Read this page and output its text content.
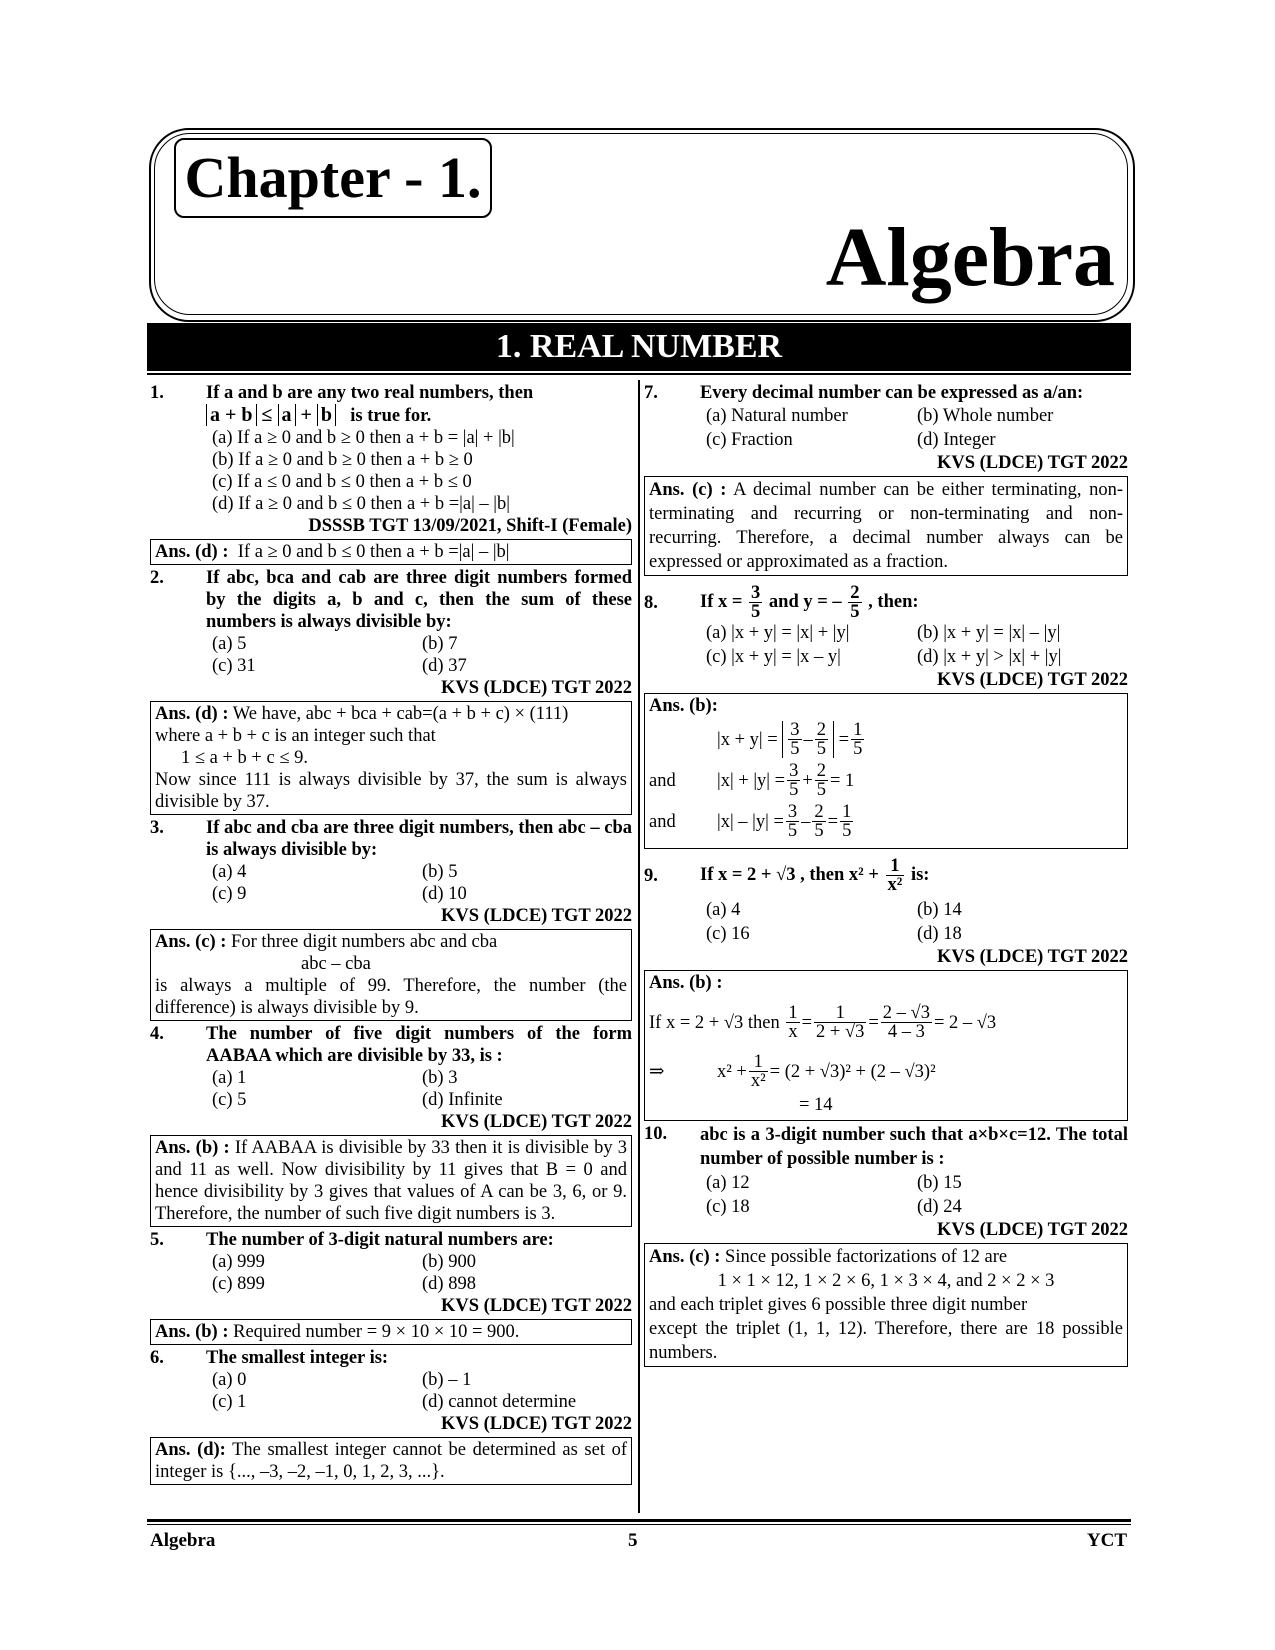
Chapter - 1.
Algebra
1. REAL NUMBER
1.	If a and b are any two real numbers, then
a + b ≤ a + b is true for.
(a) If a ≥ 0 and b ≥ 0 then a + b = |a| + |b|
(b) If a ≥ 0 and b ≥ 0 then a + b ≥ 0
(c) If a ≤ 0 and b ≤ 0 then a + b ≤ 0
(d) If a ≥ 0 and b ≤ 0 then a + b =|a| – |b|
DSSSB TGT 13/09/2021, Shift-I (Female)
Ans. (d) : If a ≥ 0 and b ≤ 0 then a + b =|a| – |b|
2.	If abc, bca and cab are three digit numbers formed by the digits a, b and c, then the sum of these numbers is always divisible by:
(a) 5	(b) 7
(c) 31	(d) 37
KVS (LDCE) TGT 2022
Ans. (d) : We have, abc + bca + cab=(a + b + c) × (111)
where a + b + c is an integer such that
1 ≤ a + b + c ≤ 9.
Now since 111 is always divisible by 37, the sum is always divisible by 37.
3.	If abc and cba are three digit numbers, then abc – cba is always divisible by:
(a) 4	(b) 5
(c) 9	(d) 10
KVS (LDCE) TGT 2022
Ans. (c) : For three digit numbers abc and cba
abc – cba
is always a multiple of 99. Therefore, the number (the difference) is always divisible by 9.
4.	The number of five digit numbers of the form AABAA which are divisible by 33, is :
(a) 1	(b) 3
(c) 5	(d) Infinite
KVS (LDCE) TGT 2022
Ans. (b) : If AABAA is divisible by 33 then it is divisible by 3 and 11 as well. Now divisibility by 11 gives that B = 0 and hence divisibility by 3 gives that values of A can be 3, 6, or 9. Therefore, the number of such five digit numbers is 3.
5.	The number of 3-digit natural numbers are:
(a) 999	(b) 900
(c) 899	(d) 898
KVS (LDCE) TGT 2022
Ans. (b) : Required number = 9 × 10 × 10 = 900.
6.	The smallest integer is:
(a) 0	(b) – 1
(c) 1	(d) cannot determine
KVS (LDCE) TGT 2022
Ans. (d): The smallest integer cannot be determined as set of integer is {..., –3, –2, –1, 0, 1, 2, 3, ...}.
7.	Every decimal number can be expressed as a/an:
(a) Natural number	(b) Whole number
(c) Fraction	(d) Integer
KVS (LDCE) TGT 2022
Ans. (c) : A decimal number can be either terminating, non-terminating and recurring or non-terminating and non-recurring. Therefore, a decimal number always can be expressed or approximated as a fraction.
8.	If $x = \frac{3}{5}$ and y = – $\frac{2}{5}$ , then:
(a) |x + y| = |x| + |y|	(b) |x + y| = |x| – |y|
(c) |x + y| = |x – y|	(d) |x + y| > |x| + |y|
KVS (LDCE) TGT 2022
Ans. (b):
|x + y| =
$\frac{3}{5} - \frac{2}{5}$
= $\frac{1}{5}$
and	$|x| + |y| = \frac{3}{5} + \frac{2}{5} = 1$
and	$|x| - |y| = \frac{3}{5} - \frac{2}{5} = \frac{1}{5}$
9.	If x = 2 + √3 , then $x^2 + \frac{1}{\text{x²}}$ is:
(a) 4	(b) 14
(c) 16	(d) 18
KVS (LDCE) TGT 2022
Ans. (b) :
If x = 2 + √3 then
$\frac{1}{x} = \frac{1}{2 + √3} = \frac{2 - √3}{4 - 3} = 2 - √3$
⇒	$x^2 + \frac{1}{\text{x²}} = (2 + √3)^2 + (2 - √3)^2$
= 14
10.	abc is a 3-digit number such that a×b×c=12. The total number of possible number is :
(a) 12	(b) 15
(c) 18	(d) 24
KVS (LDCE) TGT 2022
Ans. (c) : Since possible factorizations of 12 are

1 × 1 × 12, 1 × 2 × 6, 1 × 3 × 4, and 2 × 2 × 3
and each triplet gives 6 possible three digit number
except the triplet (1, 1, 12). Therefore, there are 18 possible numbers.
Algebra	5	YCT
